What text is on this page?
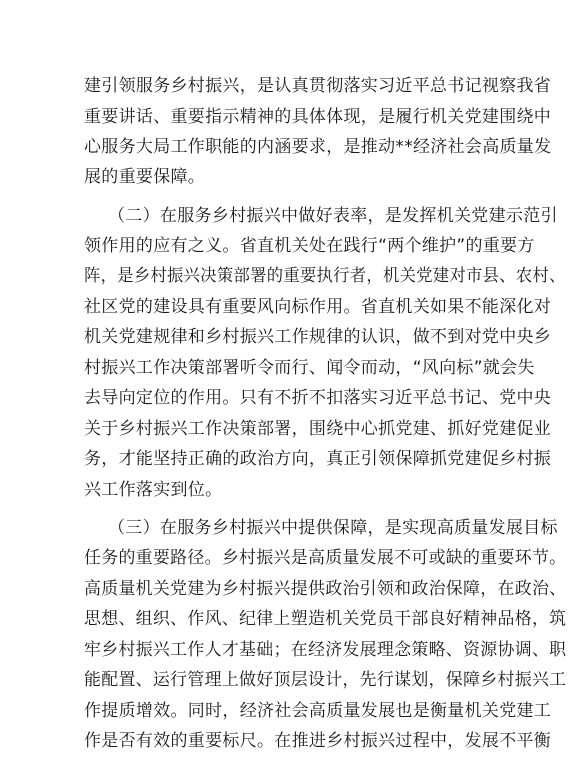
建引领服务乡村振兴，是认真贯彻落实习近平总书记视察我省
重要讲话、重要指示精神的具体体现，是履行机关党建围绕中
心服务大局工作职能的内涵要求，是推动**经济社会高质量发
展的重要保障。
（二）在服务乡村振兴中做好表率，是发挥机关党建示范引
领作用的应有之义。省直机关处在践行“两个维护”的重要方
阵，是乡村振兴决策部署的重要执行者，机关党建对市县、农村、
社区党的建设具有重要风向标作用。省直机关如果不能深化对
机关党建规律和乡村振兴工作规律的认识，做不到对党中央乡
村振兴工作决策部署听令而行、闻令而动，“风向标”就会失
去导向定位的作用。只有不折不扣落实习近平总书记、党中央
关于乡村振兴工作决策部署，围绕中心抓党建、抓好党建促业
务，才能坚持正确的政治方向，真正引领保障抓党建促乡村振
兴工作落实到位。
（三）在服务乡村振兴中提供保障，是实现高质量发展目标
任务的重要路径。乡村振兴是高质量发展不可或缺的重要环节。
高质量机关党建为乡村振兴提供政治引领和政治保障，在政治、
思想、组织、作风、纪律上塑造机关党员干部良好精神品格，筑
牢乡村振兴工作人才基础；在经济发展理念策略、资源协调、职
能配置、运行管理上做好顶层设计，先行谋划，保障乡村振兴工
作提质增效。同时，经济社会高质量发展也是衡量机关党建工
作是否有效的重要标尺。在推进乡村振兴过程中，发展不平衡
